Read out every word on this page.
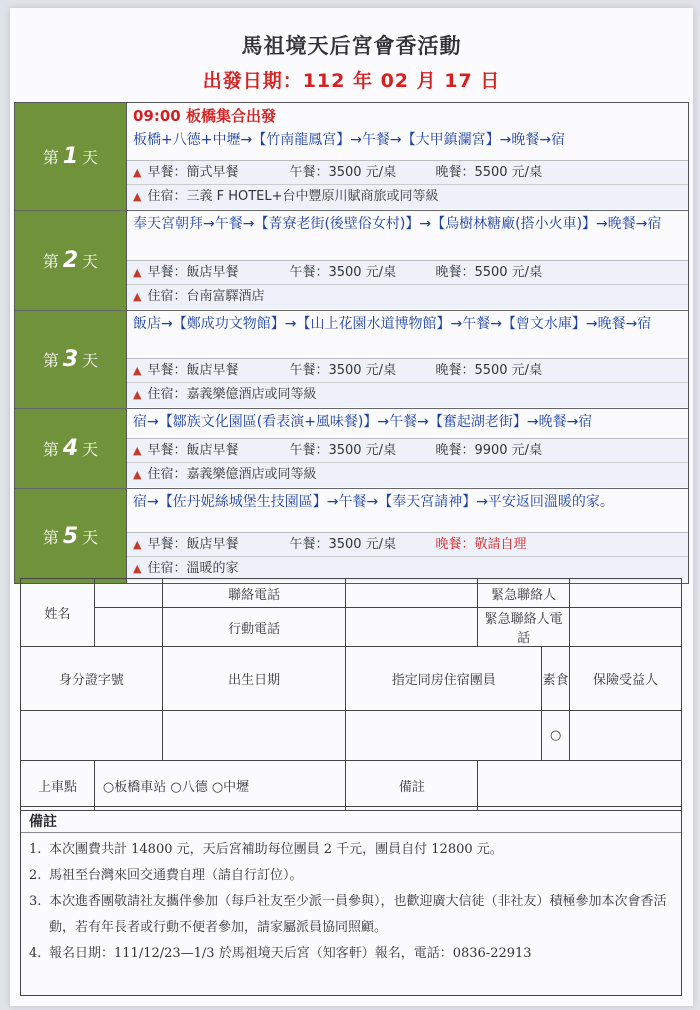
馬祖境天后宮會香活動
出發日期：112 年 02 月 17 日
第 1 天
09:00 板橋集合出發
板橋+八德+中壢→【竹南龍鳳宮】→午餐→【大甲鎮瀾宮】→晚餐→宿
▲ 早餐：簡式早餐	午餐：3500 元/桌	晚餐：5500 元/桌
▲ 住宿：三義 F HOTEL+台中豐原川賦商旅或同等級
第 2 天
奉天宮朝拜→午餐→【菁寮老街(後壁俗女村)】→【烏樹林糖廠(搭小火車)】→晚餐→宿
▲ 早餐：飯店早餐	午餐：3500 元/桌	晚餐：5500 元/桌
▲ 住宿：台南富驛酒店
第 3 天
飯店→【鄭成功文物館】→【山上花園水道博物館】→午餐→【曾文水庫】→晚餐→宿
▲ 早餐：飯店早餐	午餐：3500 元/桌	晚餐：5500 元/桌
▲ 住宿：嘉義樂億酒店或同等級
第 4 天
宿→【鄒族文化園區(看表演+風味餐)】→午餐→【奮起湖老街】→晚餐→宿
▲ 早餐：飯店早餐	午餐：3500 元/桌	晚餐：9900 元/桌
▲ 住宿：嘉義樂億酒店或同等級
第 5 天
宿→【佐丹妮絲城堡生技園區】→午餐→【奉天宮請神】→平安返回溫暖的家。
▲ 早餐：飯店早餐	午餐：3500 元/桌	晚餐：敬請自理
▲ 住宿：溫暖的家
姓名		聯絡電話		緊急聯絡人		
		行動電話		緊急聯絡人電話		
身分證字號		出生日期	指定同房住宿團員		素食	保險受益人
					○	
上車點	○板橋車站 ○八德 ○中壢		備註			
備註
1. 本次團費共計 14800 元，天后宮補助每位團員 2 千元，團員自付 12800 元。
2. 馬祖至台灣來回交通費自理（請自行訂位）。
3. 本次進香團敬請社友攜伴參加（每戶社友至少派一員參與），也歡迎廣大信徒（非社友）積極參加本次會香活動，若有年長者或行動不便者參加，請家屬派員協同照顧。
4. 報名日期：111/12/23—1/3 於馬祖境天后宮（知客軒）報名，電話：0836-22913
